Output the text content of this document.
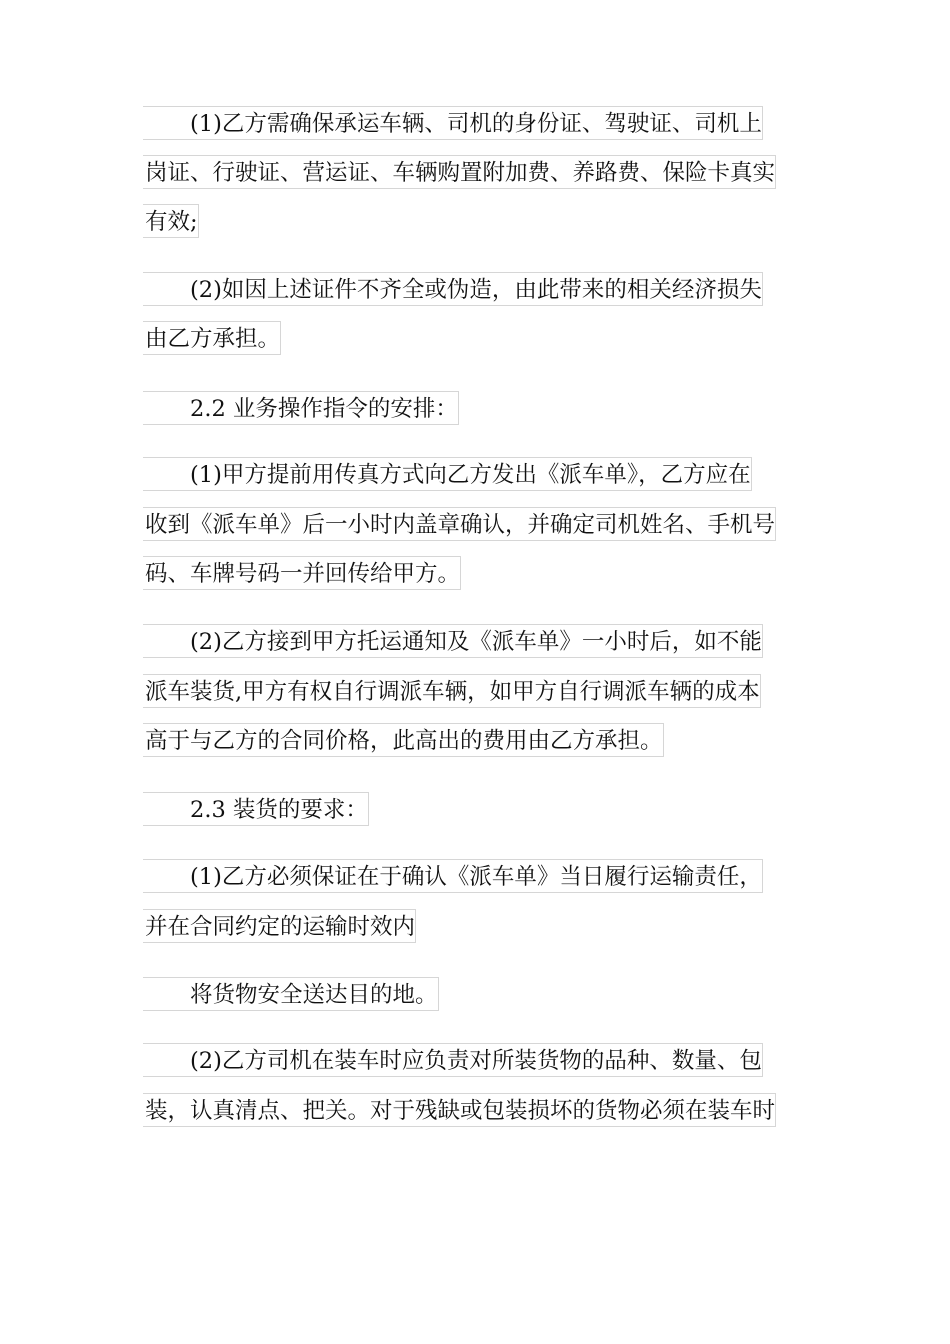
(1)乙方需确保承运车辆、司机的身份证、驾驶证、司机上
岗证、行驶证、营运证、车辆购置附加费、养路费、保险卡真实
有效;
(2)如因上述证件不齐全或伪造，由此带来的相关经济损失
由乙方承担。
2.2 业务操作指令的安排：
(1)甲方提前用传真方式向乙方发出《派车单》，乙方应在
收到《派车单》后一小时内盖章确认，并确定司机姓名、手机号
码、车牌号码一并回传给甲方。
(2)乙方接到甲方托运通知及《派车单》一小时后，如不能
派车装货,甲方有权自行调派车辆，如甲方自行调派车辆的成本
高于与乙方的合同价格，此高出的费用由乙方承担。
2.3 装货的要求：
(1)乙方必须保证在于确认《派车单》当日履行运输责任，
并在合同约定的运输时效内
将货物安全送达目的地。
(2)乙方司机在装车时应负责对所装货物的品种、数量、包
装，认真清点、把关。对于残缺或包装损坏的货物必须在装车时
